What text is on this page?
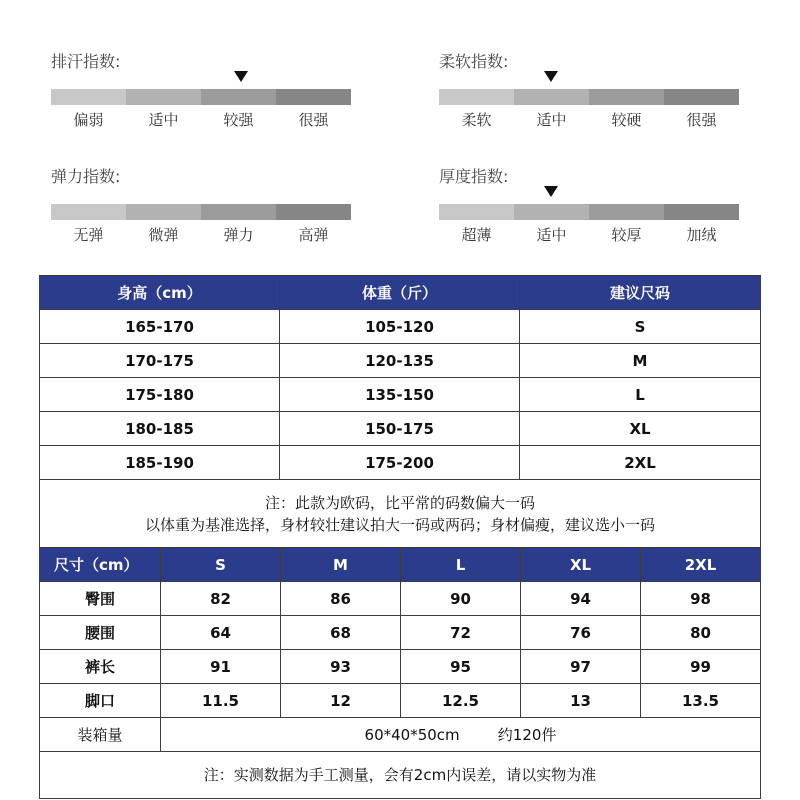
排汗指数:
偏弱	适中	较强	很强
柔软指数:
柔软	适中	较硬	很强
弹力指数:
无弹	微弹	弹力	高弹
厚度指数:
超薄	适中	较厚	加绒
身高（cm）	体重（斤）	建议尺码
165-170	105-120	S
170-175	120-135	M
175-180	135-150	L
180-185	150-175	XL
185-190	175-200	2XL

注：此款为欧码，比平常的码数偏大一码
以体重为基准选择，身材较壮建议拍大一码或两码；身材偏瘦，建议选小一码		
尺寸（cm）	S	M	L	XL	2XL
臀围	82	86	90	94	98
腰围	64	68	72	76	80
裤长	91	93	95	97	99
脚口	11.5	12	12.5	13	13.5
装箱量	60*40*50cm        约120件				
注：实测数据为手工测量，会有2cm内误差，请以实物为准					
